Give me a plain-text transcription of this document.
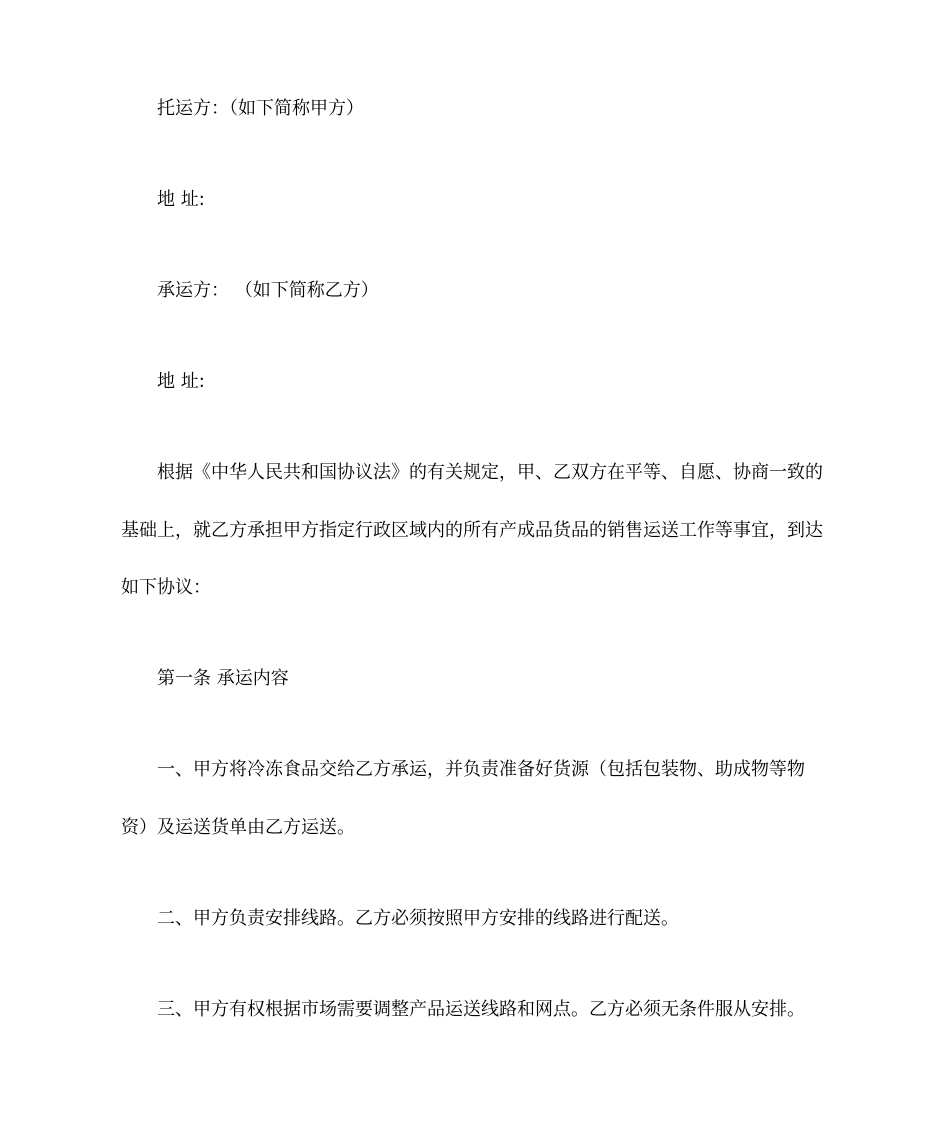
托运方：（如下简称甲方）
地 址:
承运方： （如下简称乙方）
地 址:
根据《中华人民共和国协议法》的有关规定，甲、乙双方在平等、自愿、协商一致的
基础上，就乙方承担甲方指定行政区域内的所有产成品货品的销售运送工作等事宜，到达
如下协议：
第一条 承运内容
一、甲方将冷冻食品交给乙方承运，并负责准备好货源（包括包装物、助成物等物
资）及运送货单由乙方运送。
二、甲方负责安排线路。乙方必须按照甲方安排的线路进行配送。
三、甲方有权根据市场需要调整产品运送线路和网点。乙方必须无条件服从安排。
